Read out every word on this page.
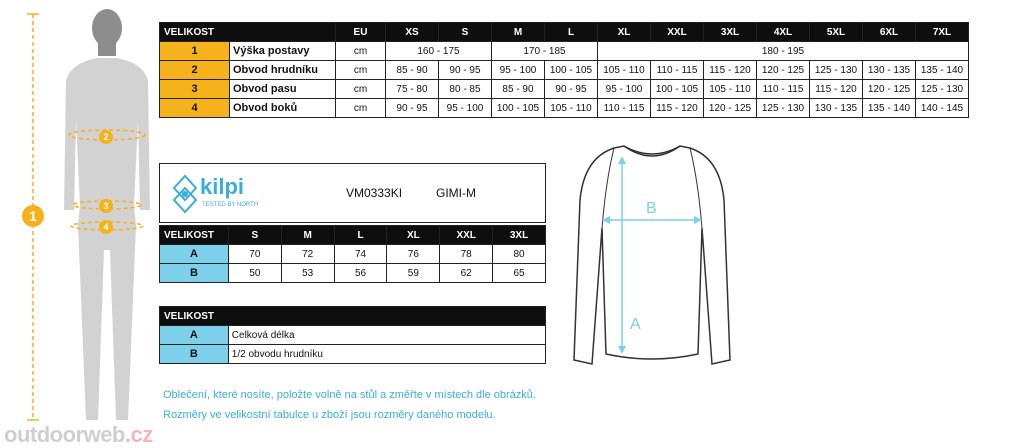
1
2
3
4
VELIKOST		EU	XS	S	M	L	XL	XXL	3XL	4XL	5XL	6XL	7XL
1	Výška postavy	cm	160 - 175		170 - 185		180 - 195						
2	Obvod hrudníku	cm	85 - 90	90 - 95	95 - 100	100 - 105	105 - 110	110 - 115	115 - 120	120 - 125	125 - 130	130 - 135	135 - 140
3	Obvod pasu	cm	75 - 80	80 - 85	85 - 90	90 - 95	95 - 100	100 - 105	105 - 110	110 - 115	115 - 120	120 - 125	125 - 130
4	Obvod boků	cm	90 - 95	95 - 100	100 - 105	105 - 110	110 - 115	115 - 120	120 - 125	125 - 130	130 - 135	135 - 140	140 - 145
kilpi
TESTED BY NORTH
VM0333KI	GIMI-M
VELIKOST	S	M	L	XL	XXL	3XL
A	70	72	74	76	78	80
B	50	53	56	59	62	65
VELIKOST	
A	Celková délka
B	1/2 obvodu hrudníku
B
A
Oblečení, které nosíte, položte volně na stůl a změřte v místech dle obrázků.
Rozměry ve velikostní tabulce u zboží jsou rozměry daného modelu.
outdoorweb.cz
